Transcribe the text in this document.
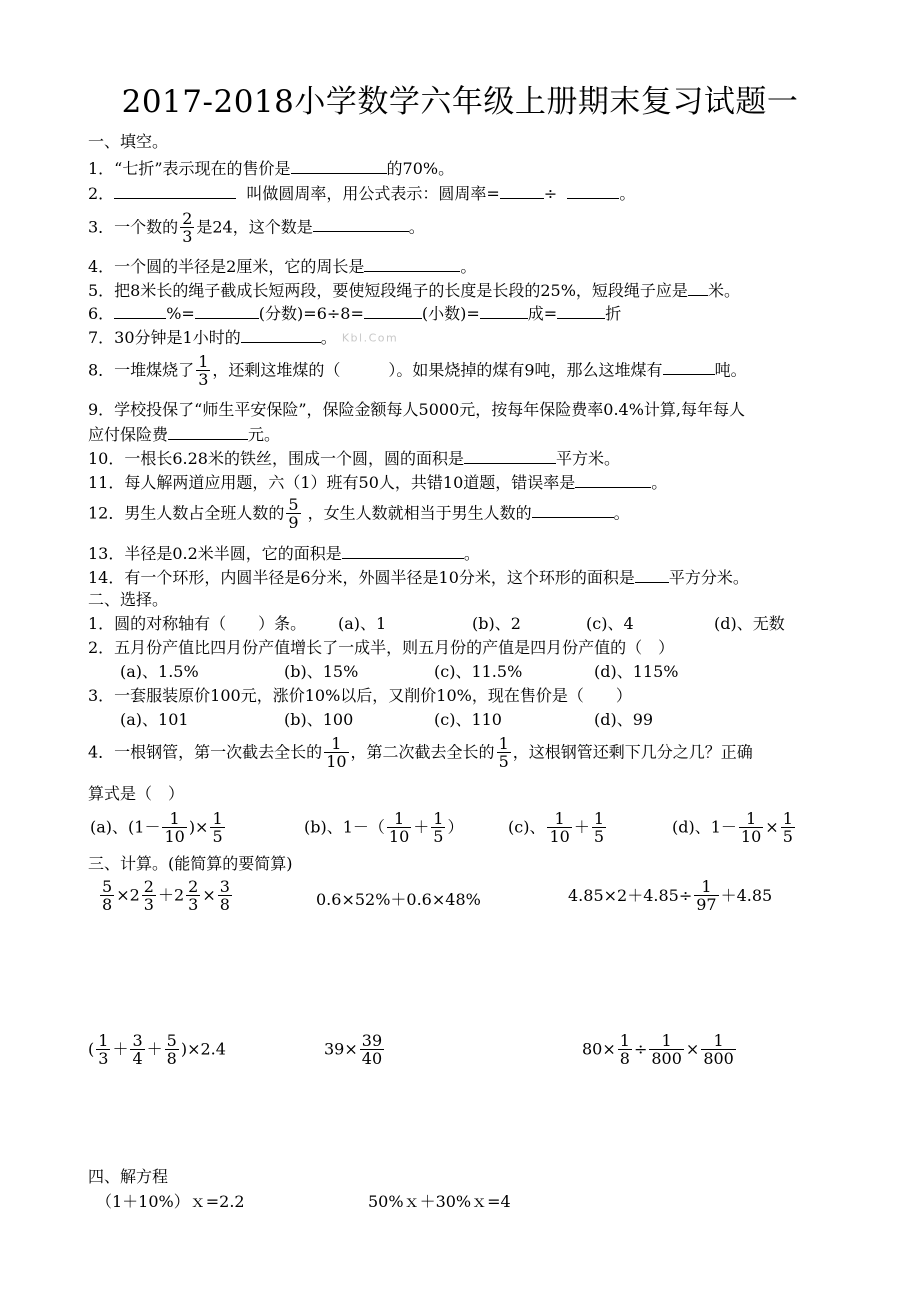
2017-2018小学数学六年级上册期末复习试题一
一、填空。
1．“七折”表示现在的售价是	的70%。
2．	叫做圆周率，用公式表示：圆周率=	÷	。
3．一个数的 $\frac{2}{3}$ 是24，这个数是	。
4．一个圆的半径是2厘米，它的周长是	。
5．把8米长的绳子截成长短两段，要使短段绳子的长度是长段的25%，短段绳子应是 米。
6．	%=	(分数)=6÷8=	(小数)=	成=	折
7．30分钟是1小时的	。 Kbl.Com
8．一堆煤烧了 $\frac{1}{3}$ ，还剩这堆煤的（　　　）。如果烧掉的煤有9吨，那么这堆煤有	吨。
9．学校投保了“师生平安保险”，保险金额每人5000元，按每年保险费率0.4%计算,每年每人
应付保险费	元。
10．一根长6.28米的铁丝，围成一个圆，圆的面积是	平方米。
11．每人解两道应用题，六（1）班有50人，共错10道题，错误率是	。
12．男生人数占全班人数的 $\frac{5}{9}$ ，女生人数就相当于男生人数的	。
13．半径是0.2米半圆，它的面积是	。
14．有一个环形，内圆半径是6分米，外圆半径是10分米，这个环形的面积是 平方分米。
二、选择。
1．圆的对称轴有（　　）条。 (a)、1	(b)、2	(c)、4	(d)、无数
2．五月份产值比四月份产值增长了一成半，则五月份的产值是四月份产值的（　）
(a)、1.5%	(b)、15%	(c)、11.5%	(d)、115%
3．一套服装原价100元，涨价10%以后，又削价10%，现在售价是（　　）
(a)、101	(b)、100	(c)、110	(d)、99
4．一根钢管，第一次截去全长的 $\frac{1}{10}$ ，第二次截去全长的 $\frac{1}{5}$ ，这根钢管还剩下几分之几？正确
算式是（　）
(a)、($1- \frac{1}{10}$ )× $\frac{1}{5}$	(b)、$1-( \frac{1}{10} + \frac{1}{5}$ ）	(c)、 $\frac{1}{10} + \frac{1}{5}$	(d)、$1- \frac{1}{10} \times \frac{1}{5}$
三、计算。(能简算的要简算)
$\frac{5}{8} \times 2 \frac{2}{3} +2 \frac{2}{3} \times \frac{3}{8}$	0.6×52%＋0.6×48%	$4.85\times 2+4.85\div \frac{1}{97} +4.85$
( $\frac{1}{3} + \frac{3}{4} + \frac{5}{8} )\times 2.4$	$39\times \frac{39}{40}$	$80\times \frac{1}{8} \div \frac{1}{800} \times \frac{1}{800}$
四、解方程
（1＋10%）ｘ=2.2	50%ｘ＋30%ｘ=4
